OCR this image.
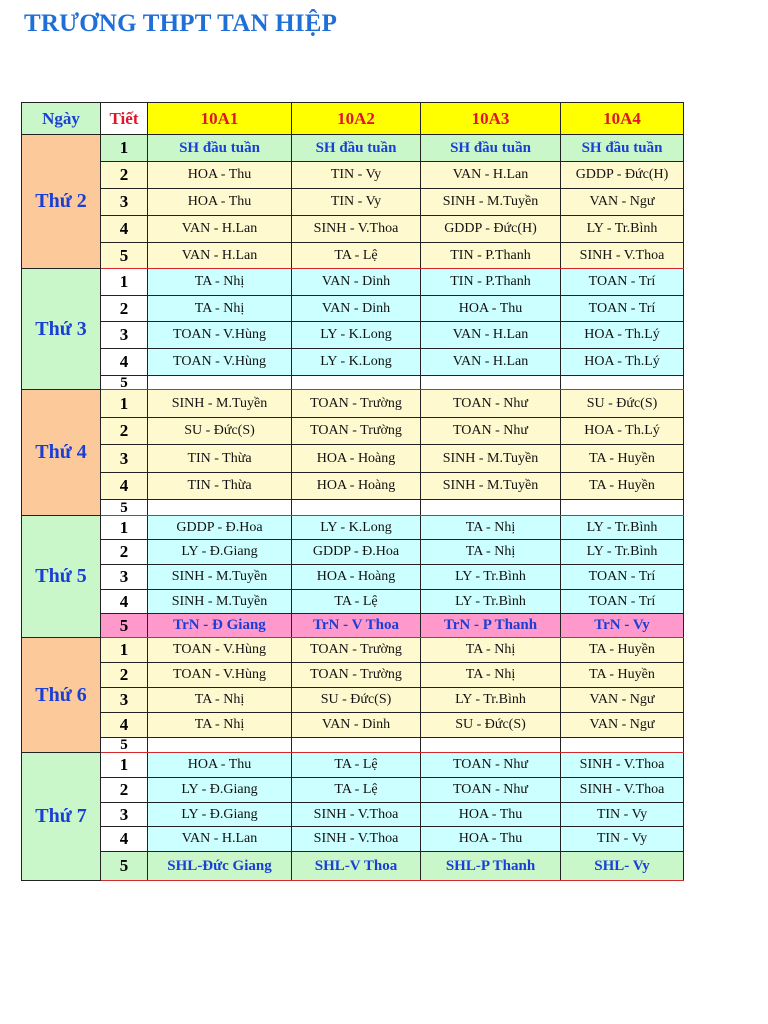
TRƯƠNG THPT TAN HIỆP
Ngày	Tiết	10A1	10A2	10A3	10A4
Thứ 2	1	SH đầu tuần	SH đầu tuần	SH đầu tuần	SH đầu tuần
	2	HOA - Thu	TIN - Vy	VAN - H.Lan	GDDP - Đức(H)
	3	HOA - Thu	TIN - Vy	SINH - M.Tuyền	VAN - Ngư
	4	VAN - H.Lan	SINH - V.Thoa	GDDP - Đức(H)	LY - Tr.Bình
	5	VAN - H.Lan	TA - Lệ	TIN - P.Thanh	SINH - V.Thoa
Thứ 3	1	TA - Nhị	VAN - Dinh	TIN - P.Thanh	TOAN - Trí
	2	TA - Nhị	VAN - Dinh	HOA - Thu	TOAN - Trí
	3	TOAN - V.Hùng	LY - K.Long	VAN - H.Lan	HOA - Th.Lý
	4	TOAN - V.Hùng	LY - K.Long	VAN - H.Lan	HOA - Th.Lý
	5				
Thứ 4	1	SINH - M.Tuyền	TOAN - Trường	TOAN - Như	SU - Đức(S)
	2	SU - Đức(S)	TOAN - Trường	TOAN - Như	HOA - Th.Lý
	3	TIN - Thừa	HOA - Hoàng	SINH - M.Tuyền	TA - Huyền
	4	TIN - Thừa	HOA - Hoàng	SINH - M.Tuyền	TA - Huyền
	5				
Thứ 5	1	GDDP - Đ.Hoa	LY - K.Long	TA - Nhị	LY - Tr.Bình
	2	LY - Đ.Giang	GDDP - Đ.Hoa	TA - Nhị	LY - Tr.Bình
	3	SINH - M.Tuyền	HOA - Hoàng	LY - Tr.Bình	TOAN - Trí
	4	SINH - M.Tuyền	TA - Lệ	LY - Tr.Bình	TOAN - Trí
	5	TrN - Đ Giang	TrN - V Thoa	TrN - P Thanh	TrN - Vy
Thứ 6	1	TOAN - V.Hùng	TOAN - Trường	TA - Nhị	TA - Huyền
	2	TOAN - V.Hùng	TOAN - Trường	TA - Nhị	TA - Huyền
	3	TA - Nhị	SU - Đức(S)	LY - Tr.Bình	VAN - Ngư
	4	TA - Nhị	VAN - Dinh	SU - Đức(S)	VAN - Ngư
	5				
Thứ 7	1	HOA - Thu	TA - Lệ	TOAN - Như	SINH - V.Thoa
	2	LY - Đ.Giang	TA - Lệ	TOAN - Như	SINH - V.Thoa
	3	LY - Đ.Giang	SINH - V.Thoa	HOA - Thu	TIN - Vy
	4	VAN - H.Lan	SINH - V.Thoa	HOA - Thu	TIN - Vy
	5	SHL-Đức Giang	SHL-V Thoa	SHL-P Thanh	SHL- Vy
